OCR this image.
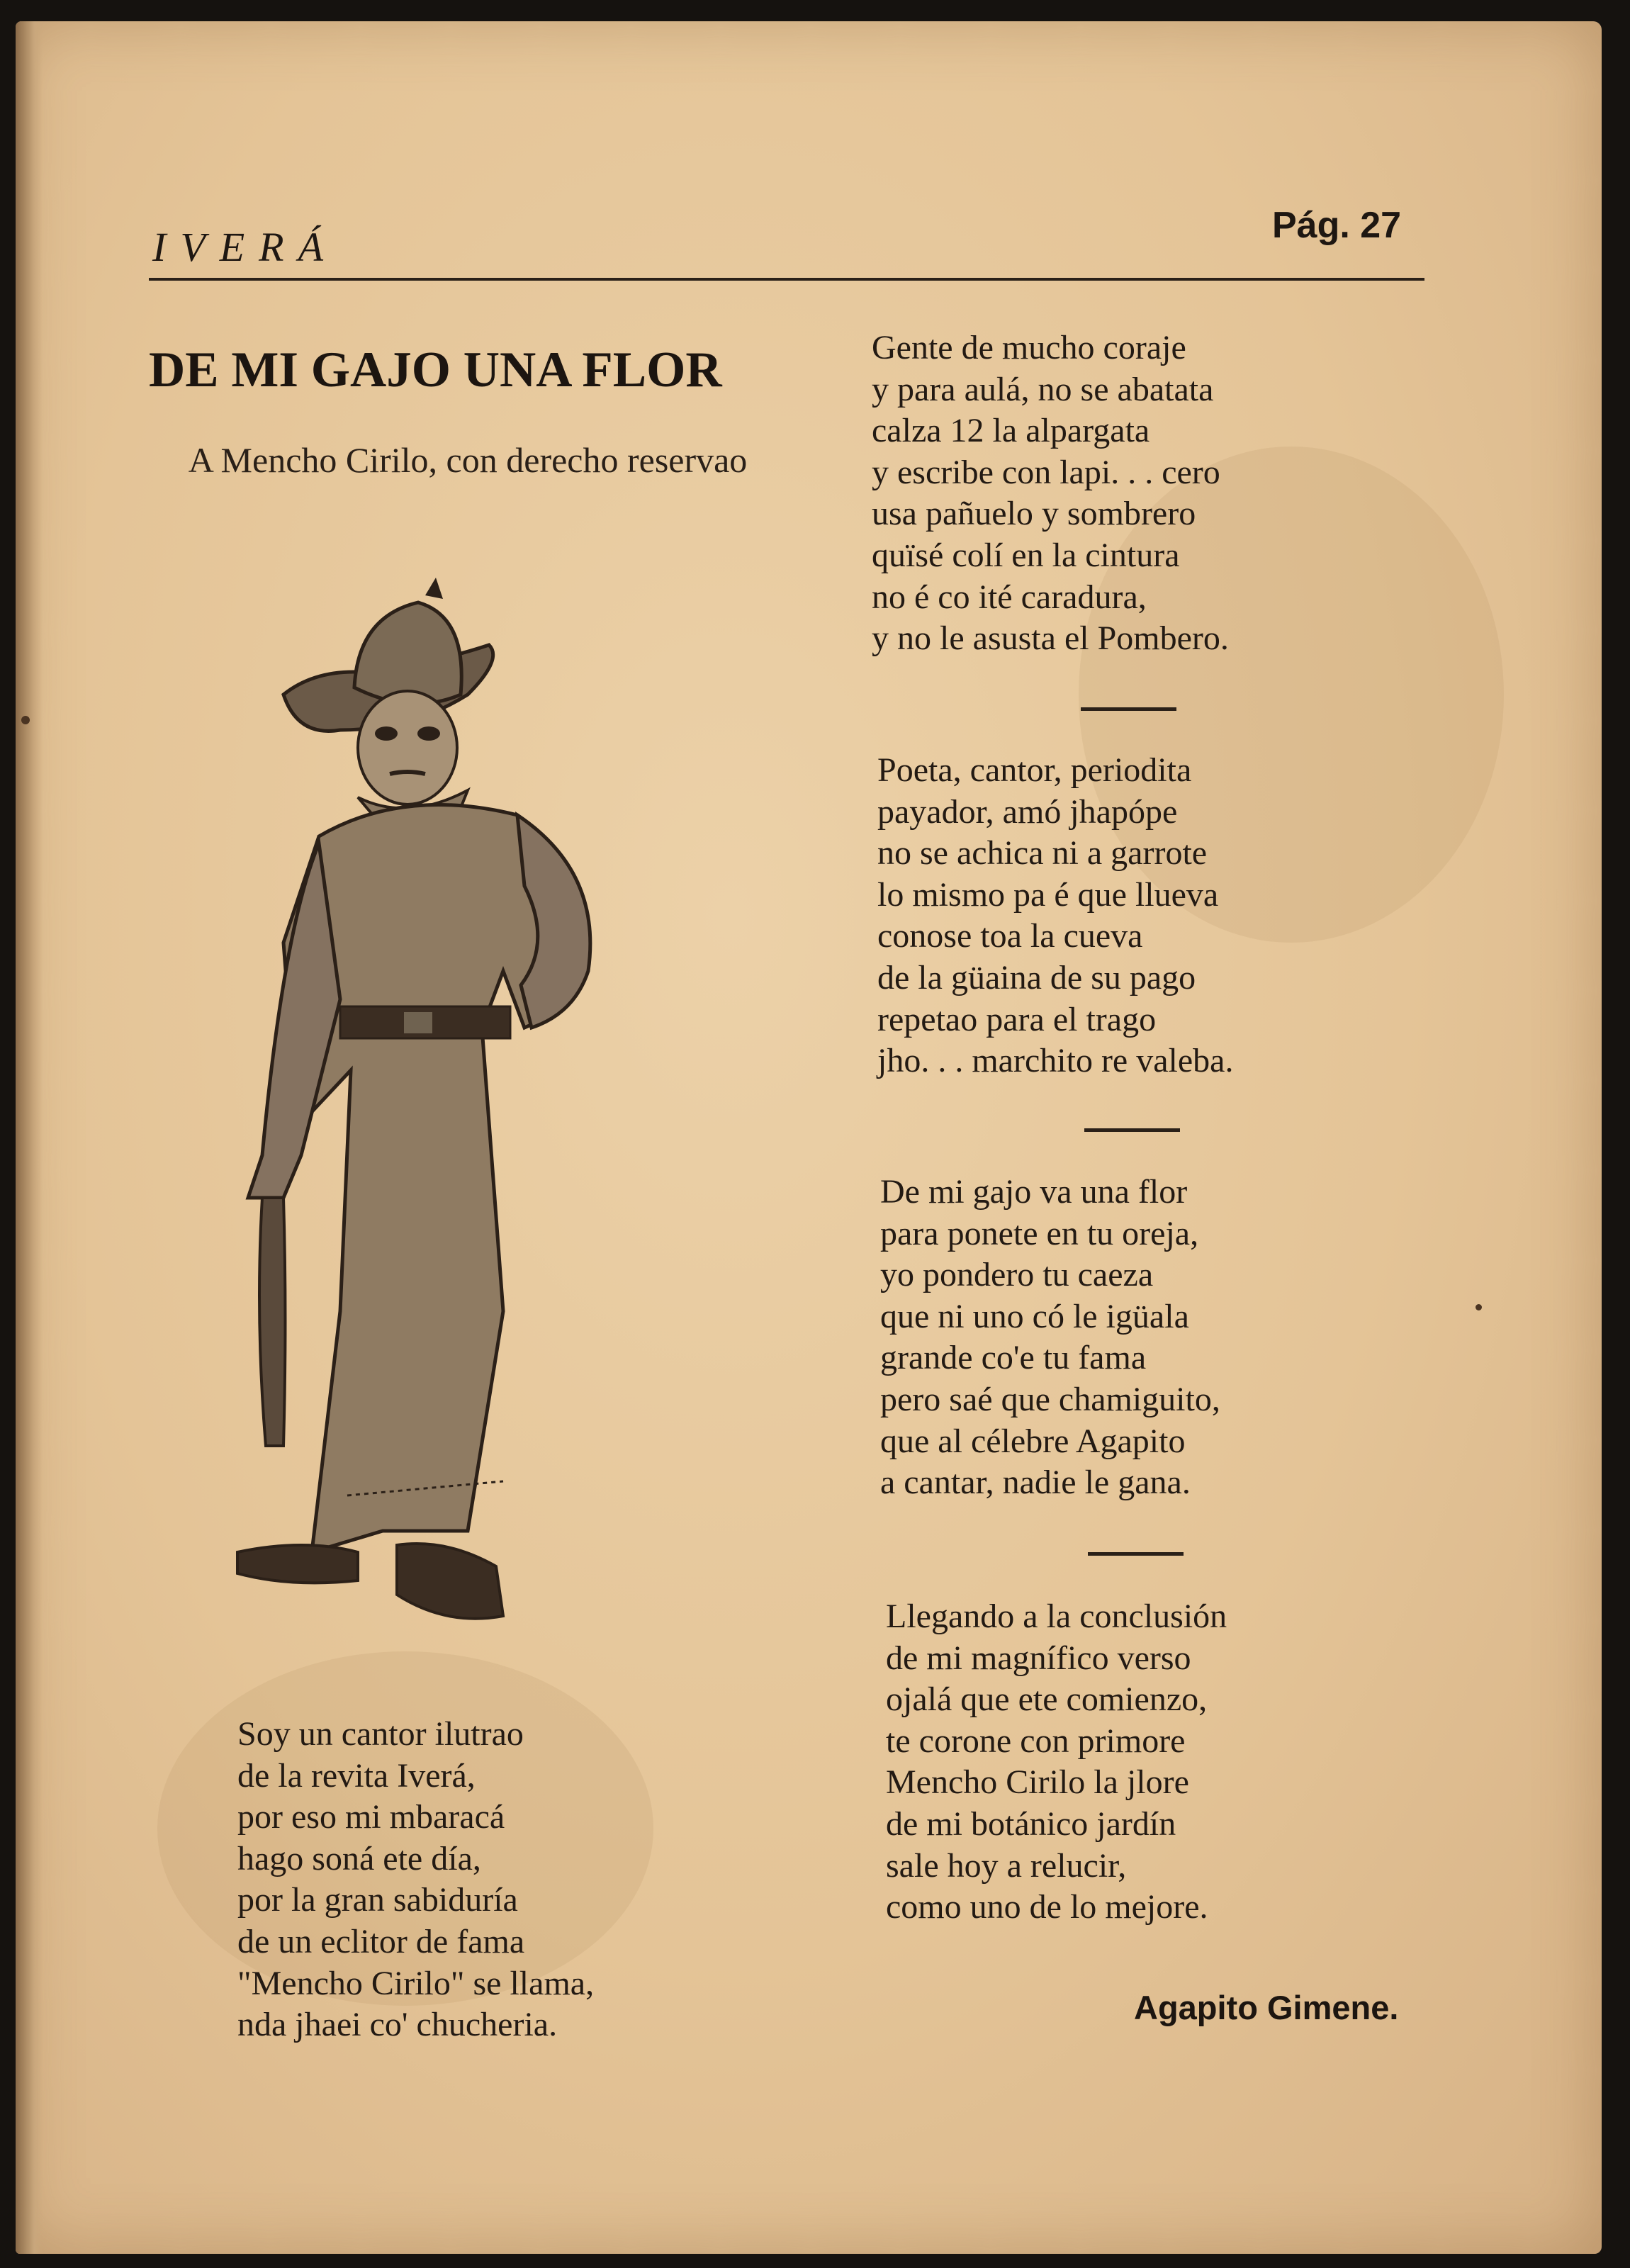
IVERÁ	Pág. 27
DE MI GAJO UNA FLOR
A Mencho Cirilo, con derecho reservao
Gente de mucho coraje
y para aulá, no se abatata
calza 12 la alpargata
y escribe con lapi. . . cero
usa pañuelo y sombrero
quïsé colí en la cintura
no é co ité caradura,
y no le asusta el Pombero.
Poeta, cantor, periodita
payador, amó jhapópe
no se achica ni a garrote
lo mismo pa é que llueva
conose toa la cueva
de la güaina de su pago
repetao para el trago
jho. . . marchito re valeba.
De mi gajo va una flor
para ponete en tu oreja,
yo pondero tu caeza
que ni uno có le igüala
grande co'e tu fama
pero saé que chamiguito,
que al célebre Agapito
a cantar, nadie le gana.
Llegando a la conclusión
de mi magnífico verso
ojalá que ete comienzo,
te corone con primore
Mencho Cirilo la jlore
de mi botánico jardín
sale hoy a relucir,
como uno de lo mejore.
Soy un cantor ilutrao
de la revita Iverá,
por eso mi mbaracá
hago soná ete día,
por la gran sabiduría
de un eclitor de fama
"Mencho Cirilo" se llama,
nda jhaei co' chucheria.	Agapito Gimene.
